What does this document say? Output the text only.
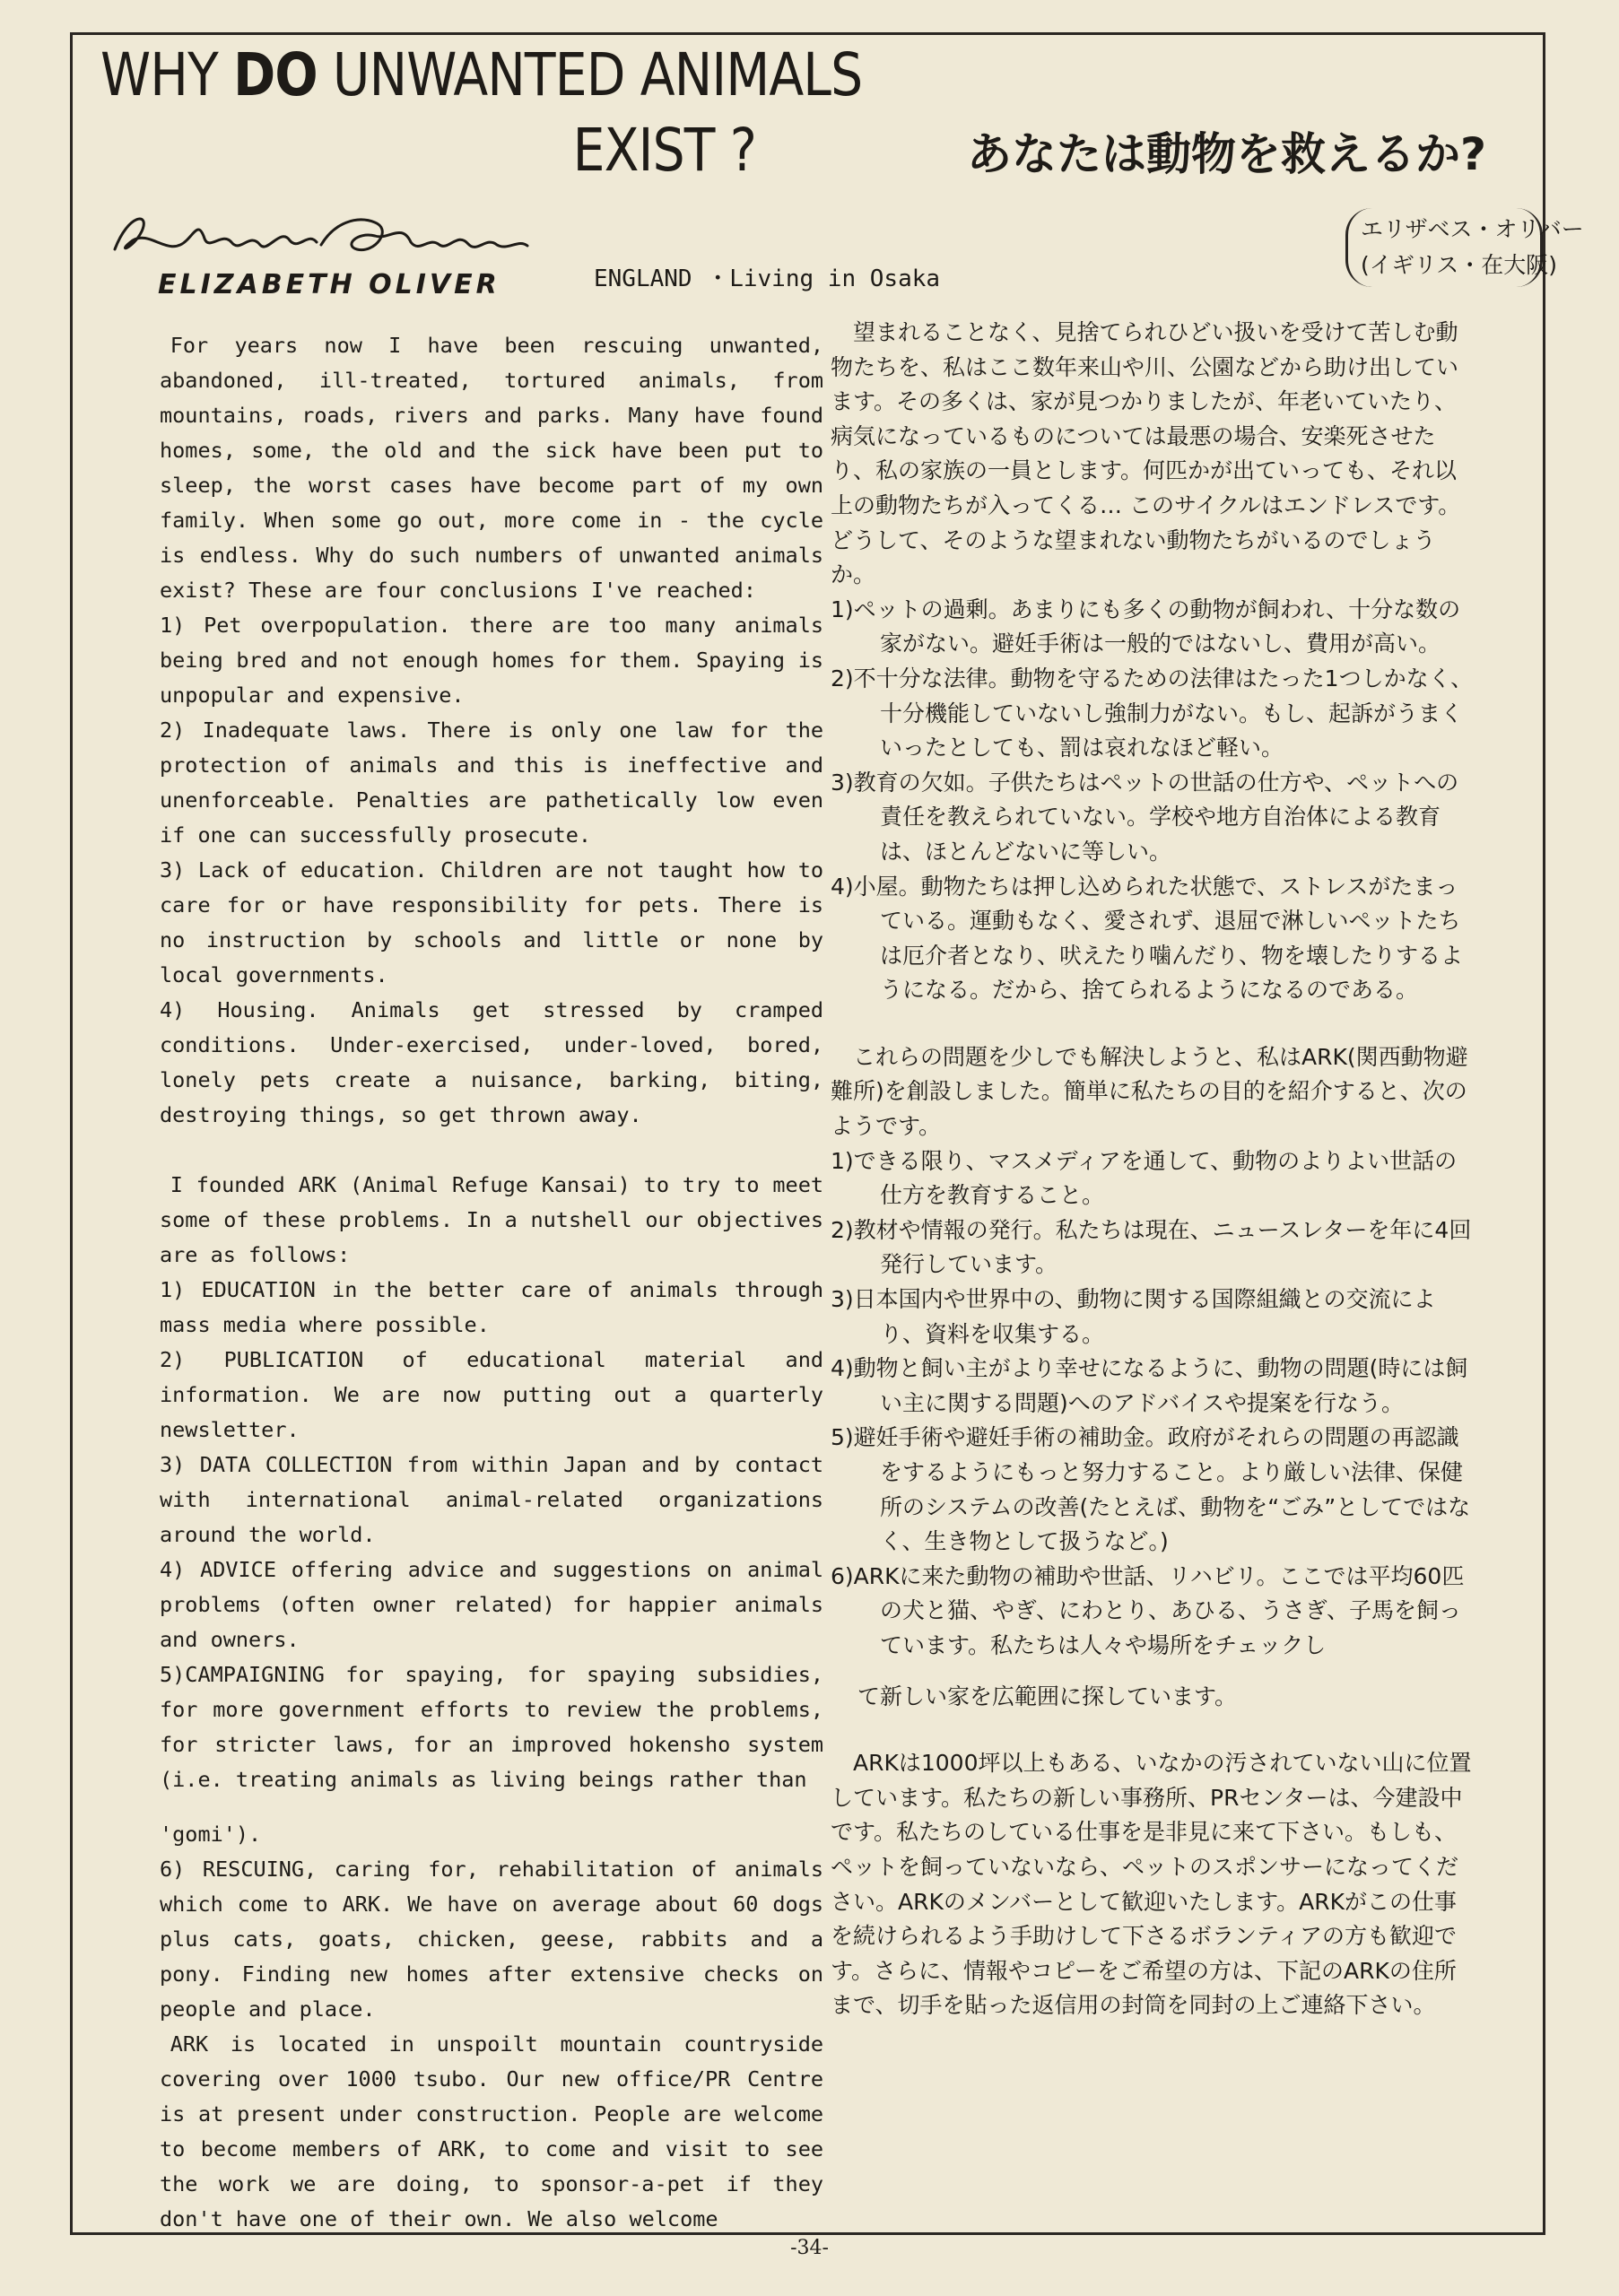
WHY DO UNWANTED ANIMALS
EXIST ?	あなたは動物を救えるか?
Elizabeth Oliver
ELIZABETH OLIVER	ENGLAND ・Living in Osaka
エリザベス・オリバー
(イギリス・在大阪)

For years now I have been rescuing unwanted, abandoned, ill-treated, tortured animals, from mountains, roads, rivers and parks. Many have found homes, some, the old and the sick have been put to sleep, the worst cases have become part of my own family. When some go out, more come in - the cycle is endless. Why do such numbers of unwanted animals exist? These are four conclusions I've reached:

1) Pet overpopulation. there are too many animals being bred and not enough homes for them. Spaying is unpopular and expensive.

2) Inadequate laws. There is only one law for the protection of animals and this is ineffective and unenforceable. Penalties are pathetically low even if one can successfully prosecute.

3) Lack of education. Children are not taught how to care for or have responsibility for pets. There is no instruction by schools and little or none by local governments.

4) Housing. Animals get stressed by cramped conditions. Under-exercised, under-loved, bored, lonely pets create a nuisance, barking, biting, destroying things, so get thrown away.

I founded ARK (Animal Refuge Kansai) to try to meet some of these problems. In a nutshell our objectives are as follows:

1) EDUCATION in the better care of animals through mass media where possible.

2) PUBLICATION of educational material and information. We are now putting out a quarterly newsletter.

3) DATA COLLECTION from within Japan and by contact with international animal-related organizations around the world.

4) ADVICE offering advice and suggestions on animal problems (often owner related) for happier animals and owners.

5)CAMPAIGNING for spaying, for spaying subsidies, for more government efforts to review the problems, for stricter laws, for an improved hokensho system (i.e. treating animals as living beings rather than

'gomi').

6) RESCUING, caring for, rehabilitation of animals which come to ARK. We have on average about 60 dogs plus cats, goats, chicken, geese, rabbits and a pony. Finding new homes after extensive checks on people and place.

ARK is located in unspoilt mountain countryside covering over 1000 tsubo. Our new office/PR Centre is at present under construction. People are welcome to become members of ARK, to come and visit to see the work we are doing, to sponsor-a-pet if they don't have one of their own. We also welcome

望まれることなく、見捨てられひどい扱いを受けて苦しむ動物たちを、私はここ数年来山や川、公園などから助け出しています。その多くは、家が見つかりましたが、年老いていたり、病気になっているものについては最悪の場合、安楽死させたり、私の家族の一員とします。何匹かが出ていっても、それ以上の動物たちが入ってくる… このサイクルはエンドレスです。どうして、そのような望まれない動物たちがいるのでしょうか。

1)ペットの過剰。あまりにも多くの動物が飼われ、十分な数の家がない。避妊手術は一般的ではないし、費用が高い。

2)不十分な法律。動物を守るための法律はたった1つしかなく、十分機能していないし強制力がない。もし、起訴がうまくいったとしても、罰は哀れなほど軽い。

3)教育の欠如。子供たちはペットの世話の仕方や、ペットへの責任を教えられていない。学校や地方自治体による教育は、ほとんどないに等しい。

4)小屋。動物たちは押し込められた状態で、ストレスがたまっている。運動もなく、愛されず、退屈で淋しいペットたちは厄介者となり、吠えたり噛んだり、物を壊したりするようになる。だから、捨てられるようになるのである。

これらの問題を少しでも解決しようと、私はARK(関西動物避難所)を創設しました。簡単に私たちの目的を紹介すると、次のようです。

1)できる限り、マスメディアを通して、動物のよりよい世話の仕方を教育すること。

2)教材や情報の発行。私たちは現在、ニュースレターを年に4回発行しています。

3)日本国内や世界中の、動物に関する国際組織との交流により、資料を収集する。

4)動物と飼い主がより幸せになるように、動物の問題(時には飼い主に関する問題)へのアドバイスや提案を行なう。

5)避妊手術や避妊手術の補助金。政府がそれらの問題の再認識をするようにもっと努力すること。より厳しい法律、保健所のシステムの改善(たとえば、動物を“ごみ”としてではなく、生き物として扱うなど。)

6)ARKに来た動物の補助や世話、リハビリ。ここでは平均60匹の犬と猫、やぎ、にわとり、あひる、うさぎ、子馬を飼っています。私たちは人々や場所をチェックし

て新しい家を広範囲に探しています。

ARKは1000坪以上もある、いなかの汚されていない山に位置しています。私たちの新しい事務所、PRセンターは、今建設中です。私たちのしている仕事を是非見に来て下さい。もしも、ペットを飼っていないなら、ペットのスポンサーになってください。ARKのメンバーとして歓迎いたします。ARKがこの仕事を続けられるよう手助けして下さるボランティアの方も歓迎です。さらに、情報やコピーをご希望の方は、下記のARKの住所まで、切手を貼った返信用の封筒を同封の上ご連絡下さい。

-34-
